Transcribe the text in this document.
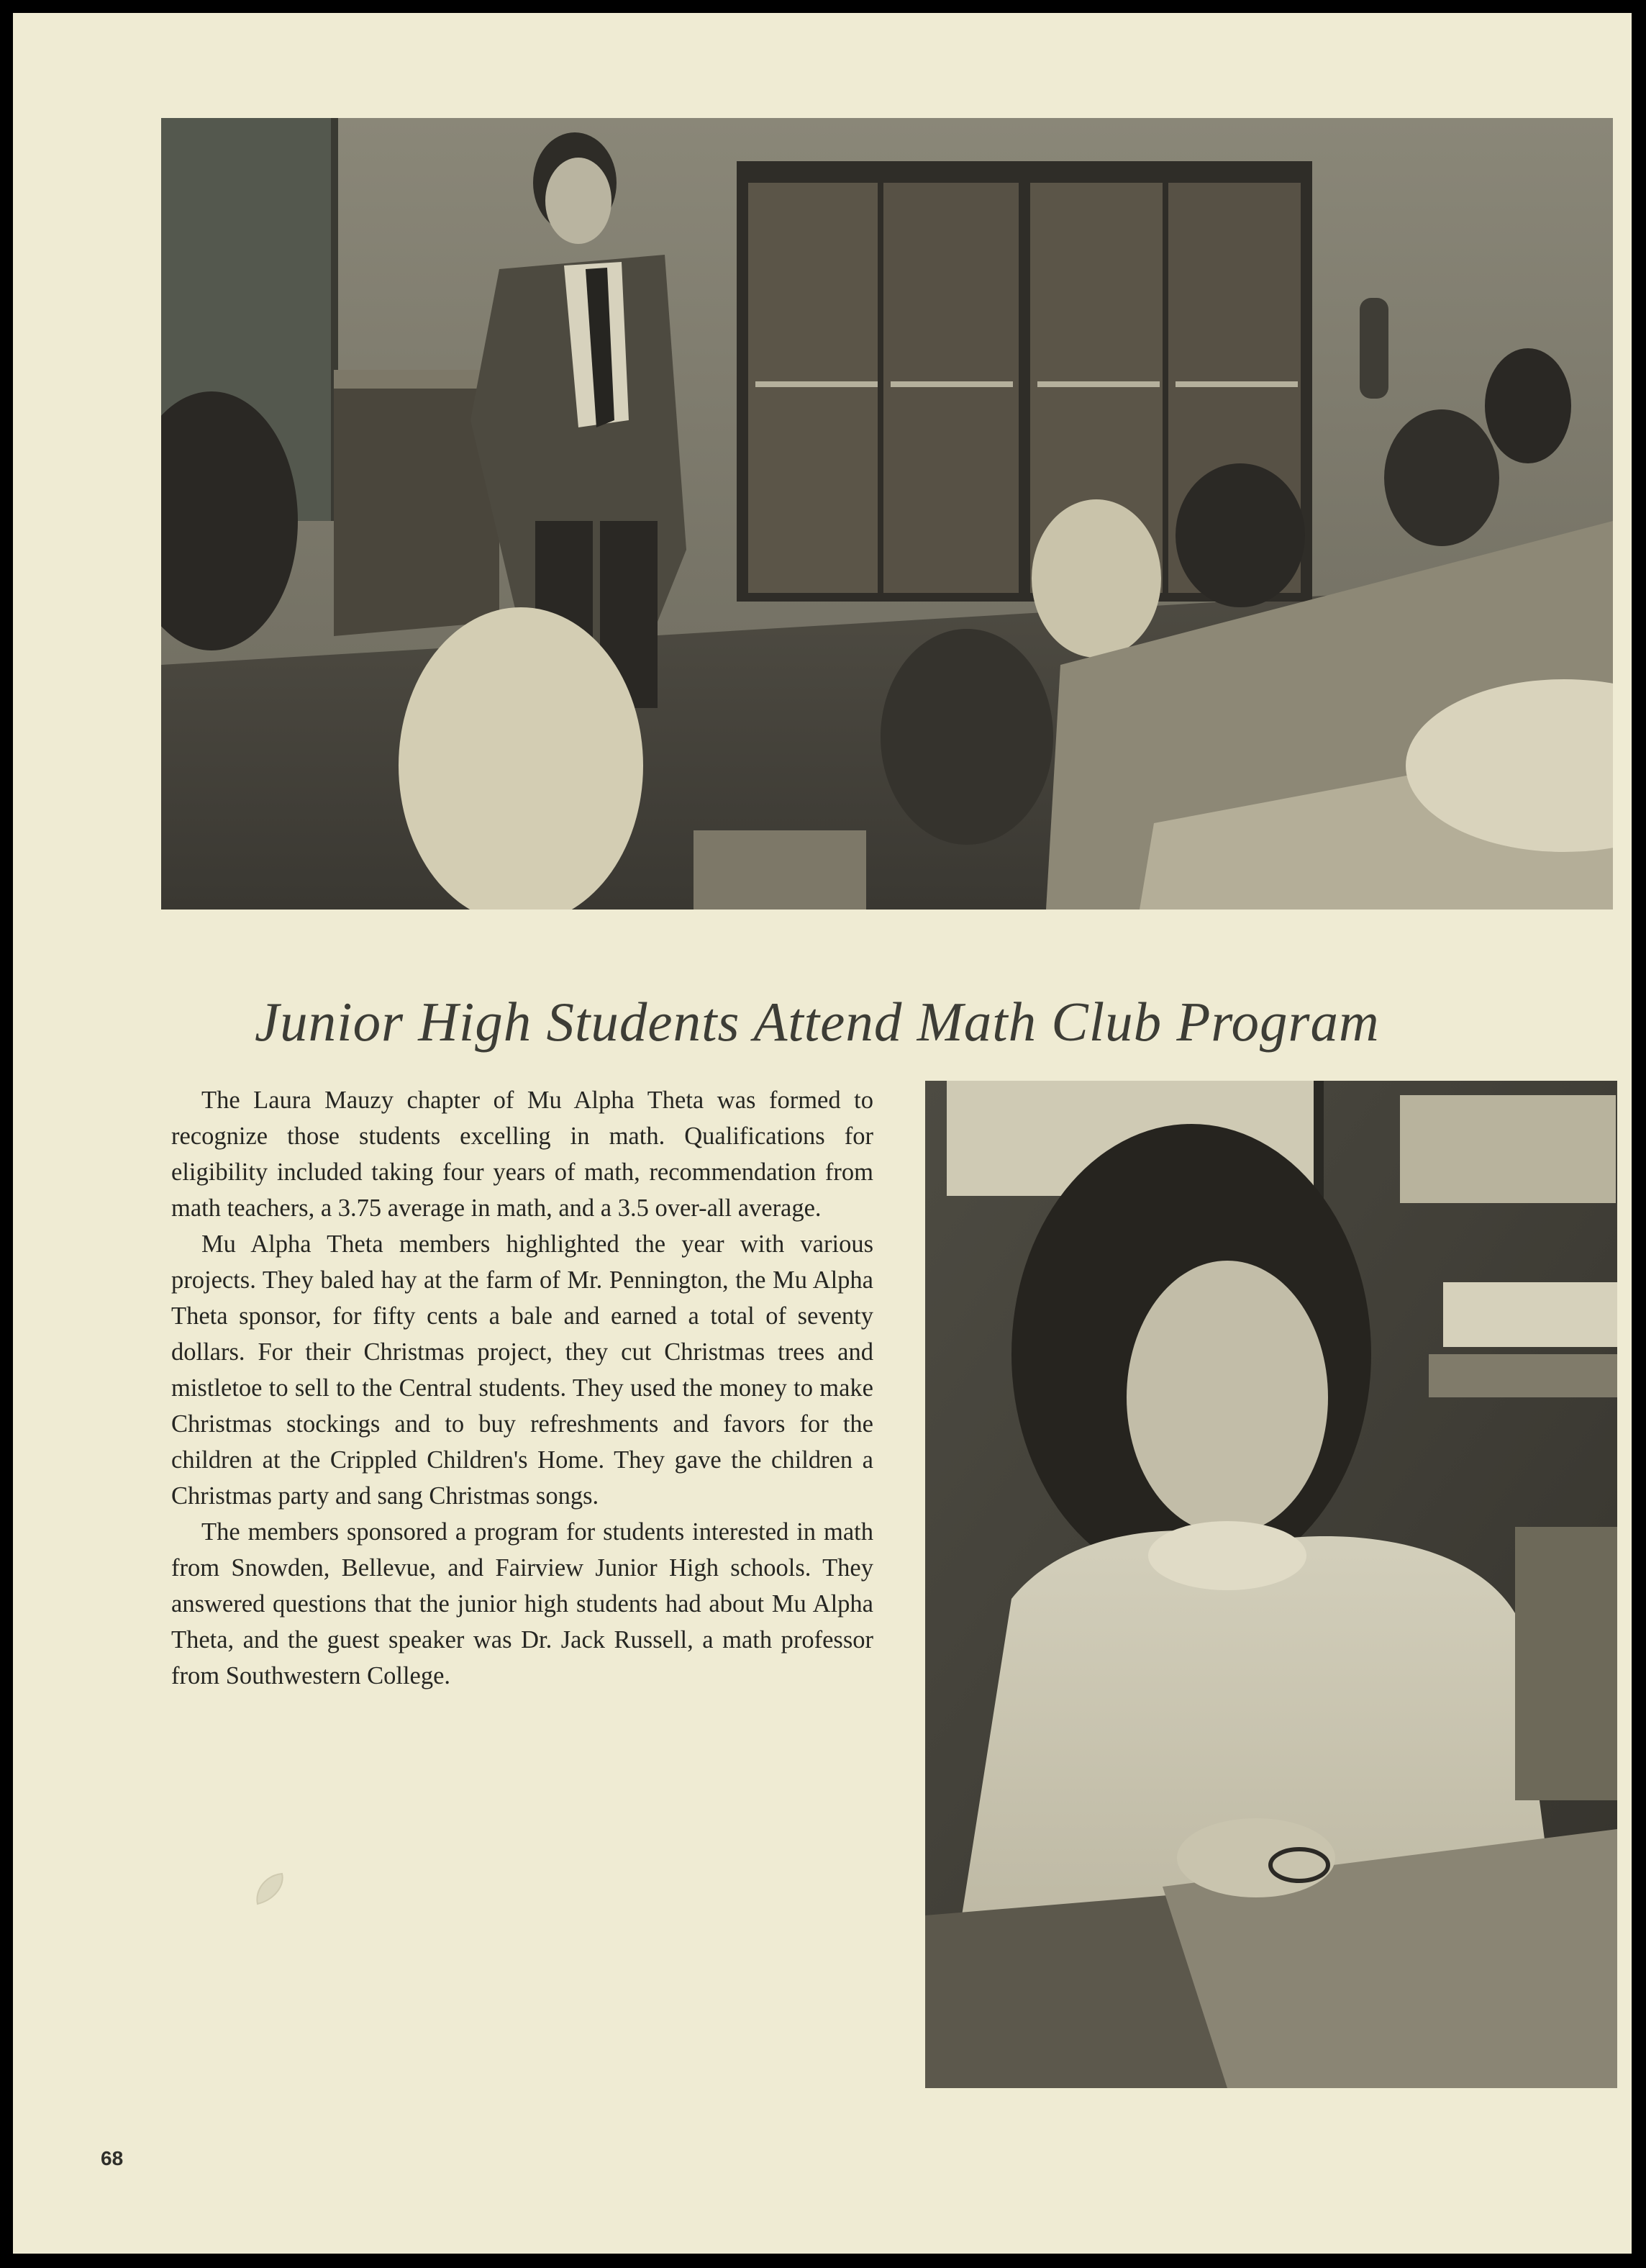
Junior High Students Attend Math Club Program

The Laura Mauzy chapter of Mu Alpha Theta was formed to recognize those students excelling in math. Qualifications for eligibility included taking four years of math, recommendation from math teachers, a 3.75 average in math, and a 3.5 over-all average.

Mu Alpha Theta members highlighted the year with various projects. They baled hay at the farm of Mr. Pennington, the Mu Alpha Theta sponsor, for fifty cents a bale and earned a total of seventy dollars. For their Christmas project, they cut Christmas trees and mistletoe to sell to the Central students. They used the money to make Christmas stockings and to buy refreshments and favors for the children at the Crippled Children's Home. They gave the children a Christmas party and sang Christmas songs.

The members sponsored a program for students interested in math from Snowden, Bellevue, and Fairview Junior High schools. They answered questions that the junior high students had about Mu Alpha Theta, and the guest speaker was Dr. Jack Russell, a math professor from Southwestern College.

68
